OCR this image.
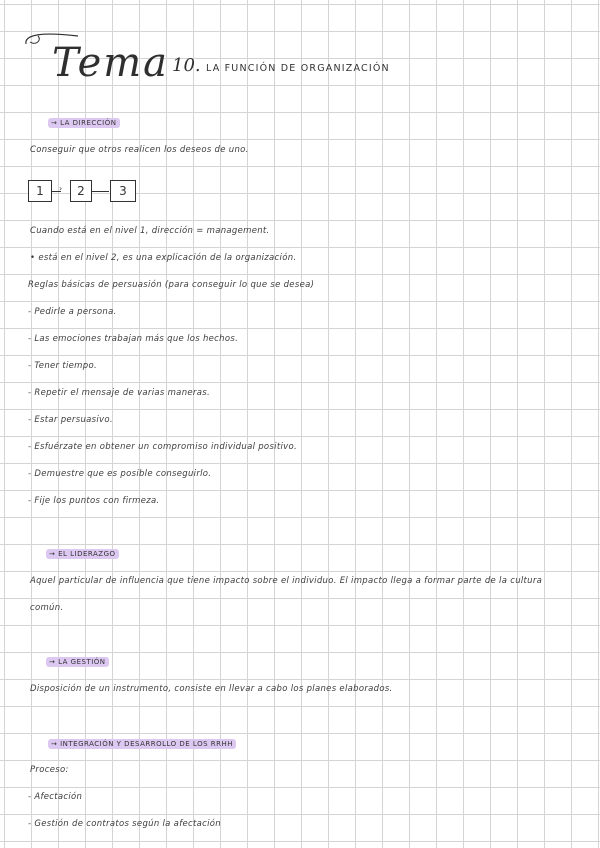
Tema 10. LA FUNCIÓN DE ORGANIZACIÓN
→ LA DIRECCIÓN
Conseguir que otros realicen los deseos de uno.
1	›	2	3
Cuando está en el nivel 1, dirección = management.
• está en el nivel 2, es una explicación de la organización.
Reglas básicas de persuasión (para conseguir lo que se desea)
- Pedirle a persona.
- Las emociones trabajan más que los hechos.
- Tener tiempo.
- Repetir el mensaje de varias maneras.
- Estar persuasivo.
- Esfuérzate en obtener un compromiso individual positivo.
- Demuestre que es posible conseguirlo.
- Fije los puntos con firmeza.
→ EL LIDERAZGO
Aquel particular de influencia que tiene impacto sobre el individuo. El impacto llega a formar parte de la cultura
común.
→ LA GESTIÓN
Disposición de un instrumento, consiste en llevar a cabo los planes elaborados.
→ INTEGRACIÓN Y DESARROLLO DE LOS RRHH
Proceso:
- Afectación
- Gestión de contratos según la afectación
